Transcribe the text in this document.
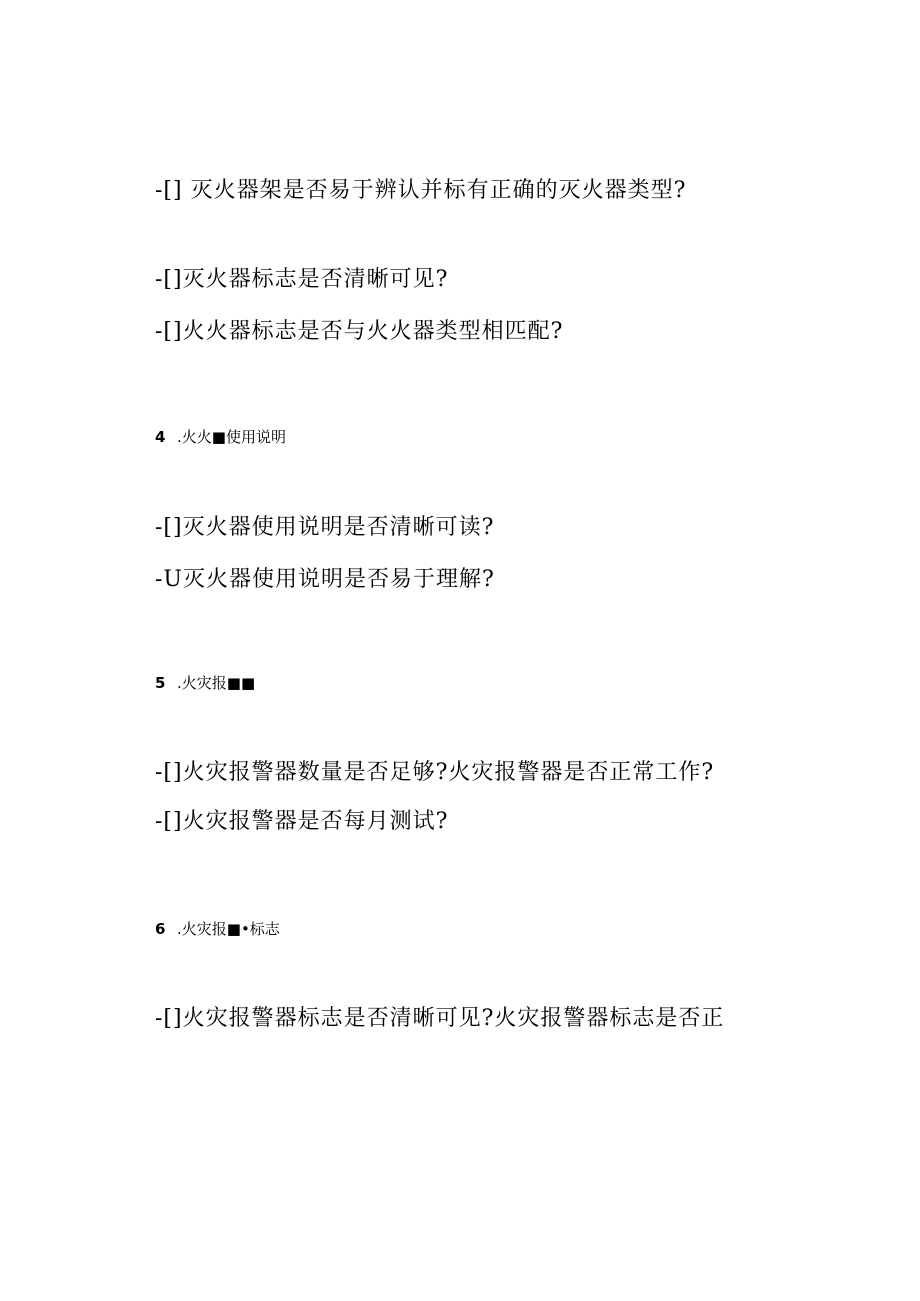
-[] 灭火器架是否易于辨认并标有正确的灭火器类型?
-[]灭火器标志是否清晰可见?
-[]火火器标志是否与火火器类型相匹配?
4 .火火■使用说明
-[]灭火器使用说明是否清晰可读?
-U灭火器使用说明是否易于理解?
5 .火灾报■■
-[]火灾报警器数量是否足够?火灾报警器是否正常工作?
-[]火灾报警器是否每月测试?
6 .火灾报■•标志
-[]火灾报警器标志是否清晰可见?火灾报警器标志是否正
